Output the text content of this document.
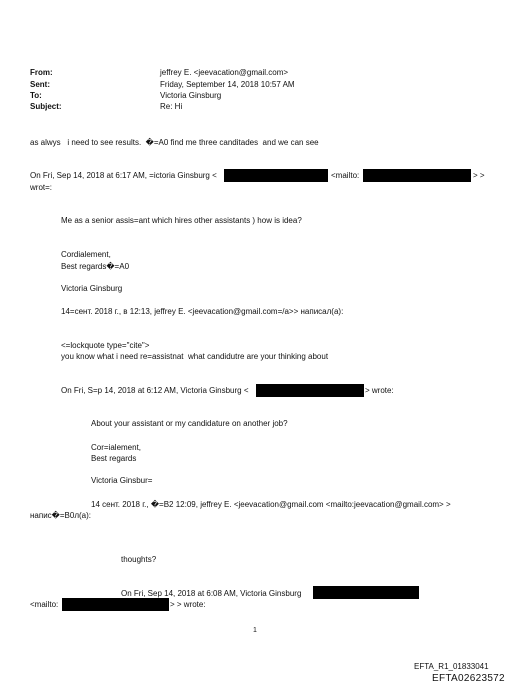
From:	jeffrey E. <jeevacation@gmail.com>
Sent:	Friday, September 14, 2018 10:57 AM
To:	Victoria Ginsburg
Subject:	Re: Hi
as alwys   i need to see results.  �=A0 find me three canditades  and we can see
On Fri, Sep 14, 2018 at 6:17 AM, =ictoria Ginsburg <	<mailto:	> >
wrot=:
Me as a senior assis=ant which hires other assistants ) how is idea?
Cordialement,
Best regards�=A0
Victoria Ginsburg
14=сент. 2018 г., в 12:13, jeffrey E. <jeevacation@gmail.com=/a>> написал(a):
<=lockquote type="cite">
you know what i need re=assistnat  what candidutre are your thinking about
On Fri, S=p 14, 2018 at 6:12 AM, Victoria Ginsburg <	> wrote:
About your assistant or my candidature on another job?
Cor=ialement,
Best regards
Victoria Ginsbur=
14 сент. 2018 г., �=B2 12:09, jeffrey E. <jeevacation@gmail.com <mailto:jeevacation@gmail.com> >
напис�=B0л(a):
thoughts?
On Fri, Sep 14, 2018 at 6:08 AM, Victoria Ginsburg
<mailto:	> > wrote:
1
EFTA_R1_01833041
EFTA02623572
